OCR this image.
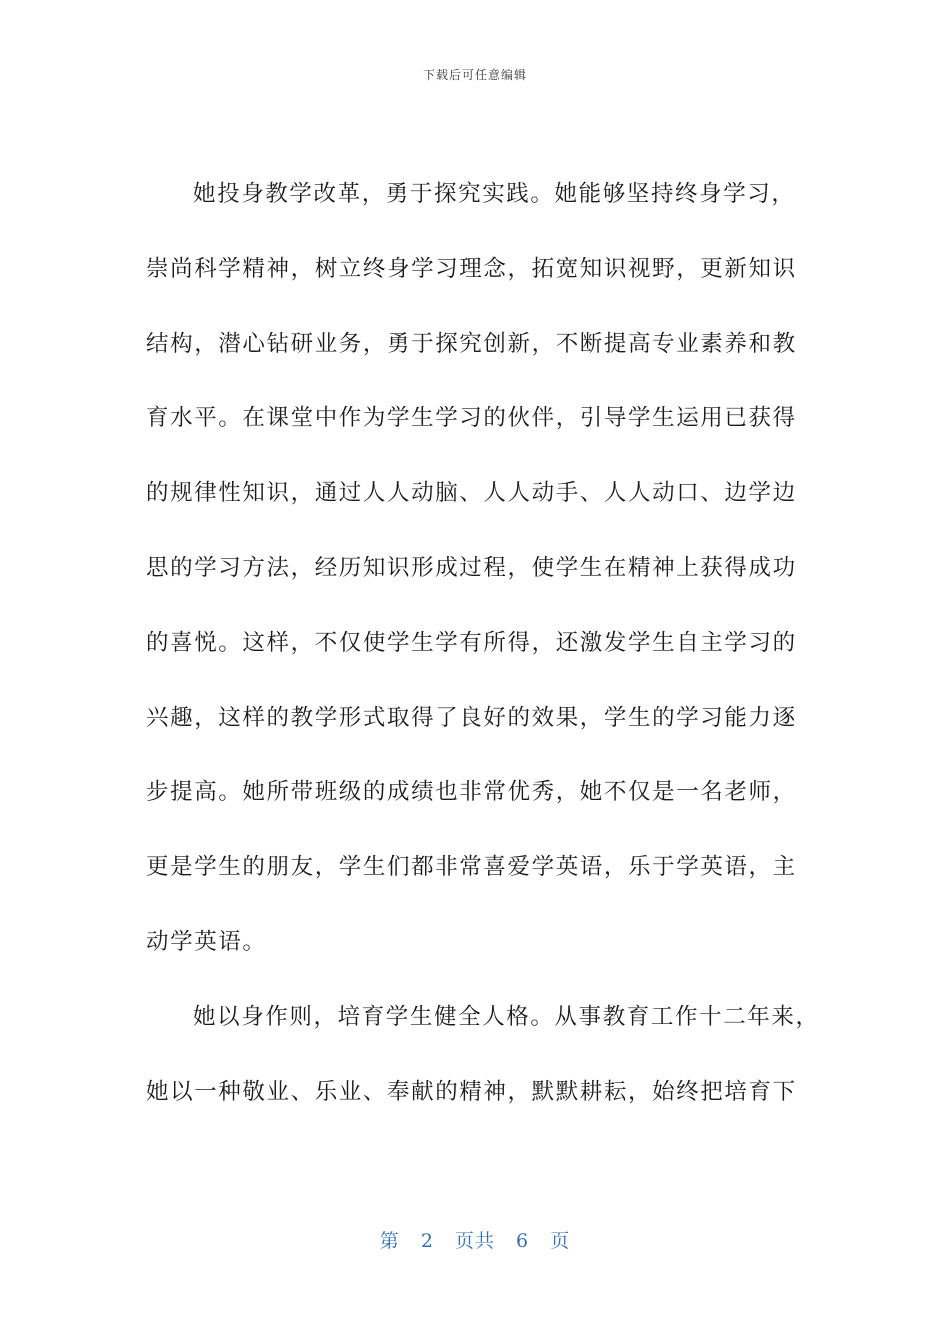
下载后可任意编辑
她投身教学改革，勇于探究实践。她能够坚持终身学习，
崇尚科学精神，树立终身学习理念，拓宽知识视野，更新知识
结构，潜心钻研业务，勇于探究创新，不断提高专业素养和教
育水平。在课堂中作为学生学习的伙伴，引导学生运用已获得
的规律性知识，通过人人动脑、人人动手、人人动口、边学边
思的学习方法，经历知识形成过程，使学生在精神上获得成功
的喜悦。这样，不仅使学生学有所得，还激发学生自主学习的
兴趣，这样的教学形式取得了良好的效果，学生的学习能力逐
步提高。她所带班级的成绩也非常优秀，她不仅是一名老师，
更是学生的朋友，学生们都非常喜爱学英语，乐于学英语，主
动学英语。
她以身作则，培育学生健全人格。从事教育工作十二年来，
她以一种敬业、乐业、奉献的精神，默默耕耘，始终把培育下
第 2 页共 6 页
